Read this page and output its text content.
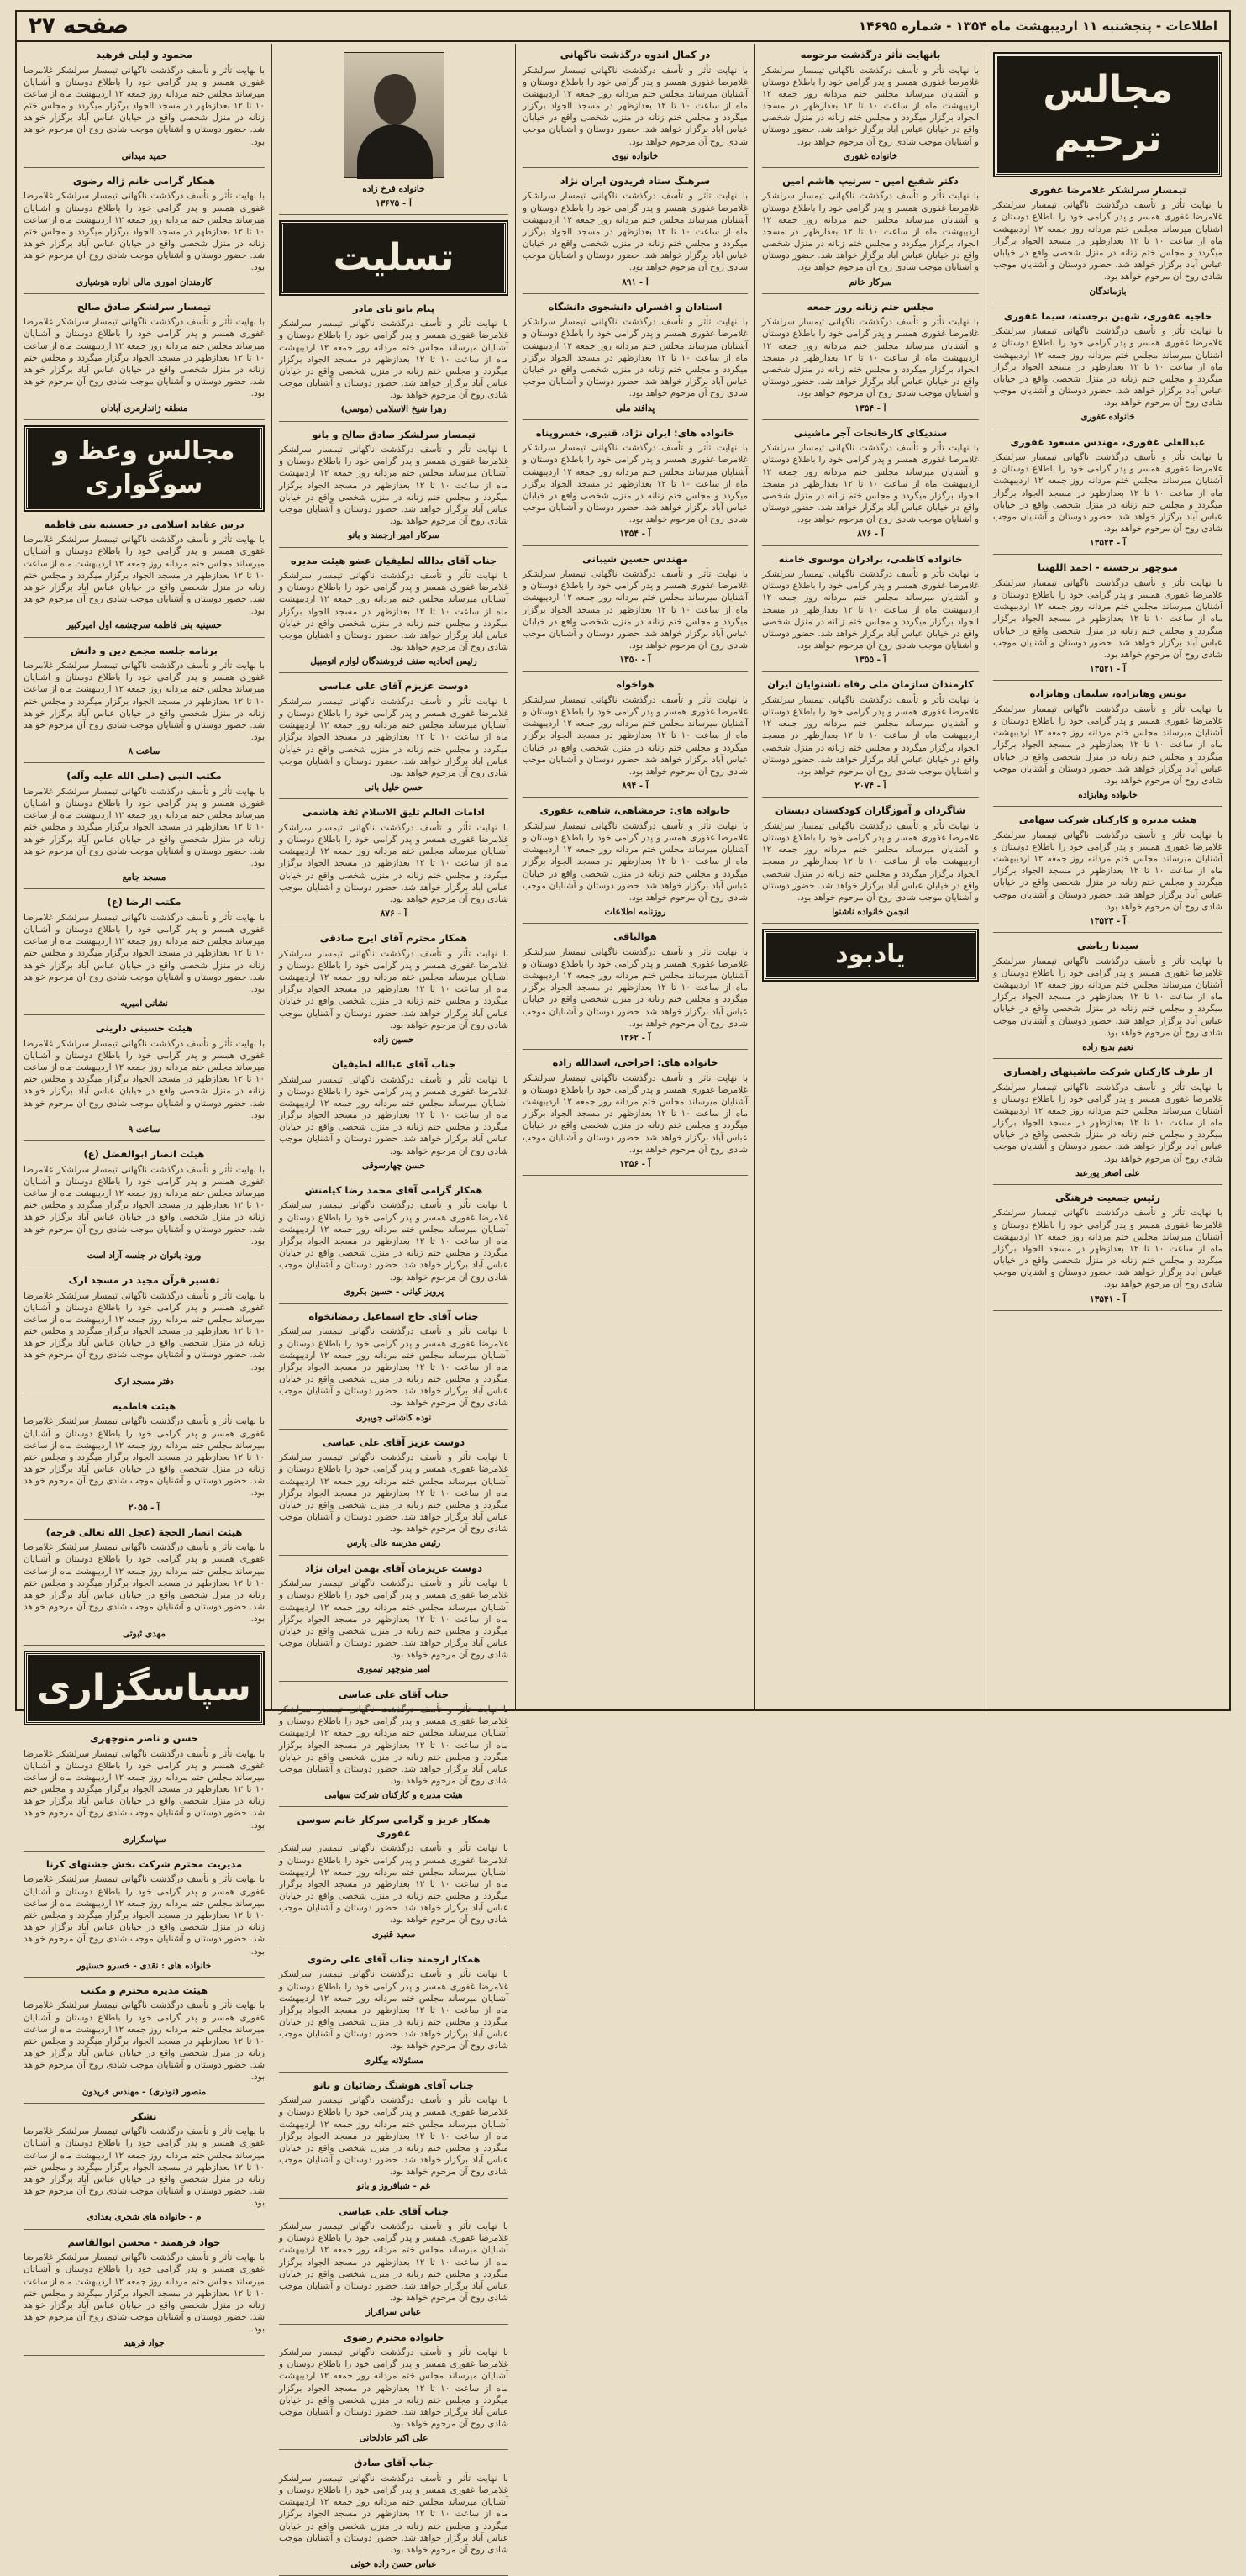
اطلاعات - پنجشنبه ۱۱ اردیبهشت ماه ۱۳۵۴ - شماره ۱۴۶۹۵
صفحه ۲۷
مجالس ترحیم
تیمسار سرلشکر غلامرضا غفوری
با نهایت تأثر و تأسف درگذشت ناگهانی تیمسار سرلشکر غلامرضا غفوری همسر و پدر گرامی خود را باطلاع دوستان و آشنایان میرساند مجلس ختم مردانه روز جمعه ۱۲ اردیبهشت ماه از ساعت ۱۰ تا ۱۲ بعدازظهر در مسجد الجواد برگزار میگردد و مجلس ختم زنانه در منزل شخصی واقع در خیابان عباس آباد برگزار خواهد شد. حضور دوستان و آشنایان موجب شادی روح آن مرحوم خواهد بود.
بازماندگان
حاجیه غفوری، شهین برجسته، سیما غفوری
با نهایت تأثر و تأسف درگذشت ناگهانی تیمسار سرلشکر غلامرضا غفوری همسر و پدر گرامی خود را باطلاع دوستان و آشنایان میرساند مجلس ختم مردانه روز جمعه ۱۲ اردیبهشت ماه از ساعت ۱۰ تا ۱۲ بعدازظهر در مسجد الجواد برگزار میگردد و مجلس ختم زنانه در منزل شخصی واقع در خیابان عباس آباد برگزار خواهد شد. حضور دوستان و آشنایان موجب شادی روح آن مرحوم خواهد بود.
خانواده غفوری
عبدالعلی غفوری، مهندس مسعود غفوری
با نهایت تأثر و تأسف درگذشت ناگهانی تیمسار سرلشکر غلامرضا غفوری همسر و پدر گرامی خود را باطلاع دوستان و آشنایان میرساند مجلس ختم مردانه روز جمعه ۱۲ اردیبهشت ماه از ساعت ۱۰ تا ۱۲ بعدازظهر در مسجد الجواد برگزار میگردد و مجلس ختم زنانه در منزل شخصی واقع در خیابان عباس آباد برگزار خواهد شد. حضور دوستان و آشنایان موجب شادی روح آن مرحوم خواهد بود.
آ - ۱۳۵۲۳
منوچهر برجسته - احمد اللهنیا
با نهایت تأثر و تأسف درگذشت ناگهانی تیمسار سرلشکر غلامرضا غفوری همسر و پدر گرامی خود را باطلاع دوستان و آشنایان میرساند مجلس ختم مردانه روز جمعه ۱۲ اردیبهشت ماه از ساعت ۱۰ تا ۱۲ بعدازظهر در مسجد الجواد برگزار میگردد و مجلس ختم زنانه در منزل شخصی واقع در خیابان عباس آباد برگزار خواهد شد. حضور دوستان و آشنایان موجب شادی روح آن مرحوم خواهد بود.
آ - ۱۳۵۲۱
یونس وهابزاده، سلیمان وهابزاده
با نهایت تأثر و تأسف درگذشت ناگهانی تیمسار سرلشکر غلامرضا غفوری همسر و پدر گرامی خود را باطلاع دوستان و آشنایان میرساند مجلس ختم مردانه روز جمعه ۱۲ اردیبهشت ماه از ساعت ۱۰ تا ۱۲ بعدازظهر در مسجد الجواد برگزار میگردد و مجلس ختم زنانه در منزل شخصی واقع در خیابان عباس آباد برگزار خواهد شد. حضور دوستان و آشنایان موجب شادی روح آن مرحوم خواهد بود.
خانواده وهابزاده
هیئت مدیره و کارکنان شرکت سهامی
با نهایت تأثر و تأسف درگذشت ناگهانی تیمسار سرلشکر غلامرضا غفوری همسر و پدر گرامی خود را باطلاع دوستان و آشنایان میرساند مجلس ختم مردانه روز جمعه ۱۲ اردیبهشت ماه از ساعت ۱۰ تا ۱۲ بعدازظهر در مسجد الجواد برگزار میگردد و مجلس ختم زنانه در منزل شخصی واقع در خیابان عباس آباد برگزار خواهد شد. حضور دوستان و آشنایان موجب شادی روح آن مرحوم خواهد بود.
آ - ۱۳۵۲۳
سیدنا ریاضی
با نهایت تأثر و تأسف درگذشت ناگهانی تیمسار سرلشکر غلامرضا غفوری همسر و پدر گرامی خود را باطلاع دوستان و آشنایان میرساند مجلس ختم مردانه روز جمعه ۱۲ اردیبهشت ماه از ساعت ۱۰ تا ۱۲ بعدازظهر در مسجد الجواد برگزار میگردد و مجلس ختم زنانه در منزل شخصی واقع در خیابان عباس آباد برگزار خواهد شد. حضور دوستان و آشنایان موجب شادی روح آن مرحوم خواهد بود.
نعیم بدیع زاده
از طرف کارکنان شرکت ماشینهای راهسازی
با نهایت تأثر و تأسف درگذشت ناگهانی تیمسار سرلشکر غلامرضا غفوری همسر و پدر گرامی خود را باطلاع دوستان و آشنایان میرساند مجلس ختم مردانه روز جمعه ۱۲ اردیبهشت ماه از ساعت ۱۰ تا ۱۲ بعدازظهر در مسجد الجواد برگزار میگردد و مجلس ختم زنانه در منزل شخصی واقع در خیابان عباس آباد برگزار خواهد شد. حضور دوستان و آشنایان موجب شادی روح آن مرحوم خواهد بود.
علی اصغر پورعبد
رئیس جمعیت فرهنگی
با نهایت تأثر و تأسف درگذشت ناگهانی تیمسار سرلشکر غلامرضا غفوری همسر و پدر گرامی خود را باطلاع دوستان و آشنایان میرساند مجلس ختم مردانه روز جمعه ۱۲ اردیبهشت ماه از ساعت ۱۰ تا ۱۲ بعدازظهر در مسجد الجواد برگزار میگردد و مجلس ختم زنانه در منزل شخصی واقع در خیابان عباس آباد برگزار خواهد شد. حضور دوستان و آشنایان موجب شادی روح آن مرحوم خواهد بود.
آ - ۱۳۵۴۱
بانهایت تأثر درگذشت مرحومه
با نهایت تأثر و تأسف درگذشت ناگهانی تیمسار سرلشکر غلامرضا غفوری همسر و پدر گرامی خود را باطلاع دوستان و آشنایان میرساند مجلس ختم مردانه روز جمعه ۱۲ اردیبهشت ماه از ساعت ۱۰ تا ۱۲ بعدازظهر در مسجد الجواد برگزار میگردد و مجلس ختم زنانه در منزل شخصی واقع در خیابان عباس آباد برگزار خواهد شد. حضور دوستان و آشنایان موجب شادی روح آن مرحوم خواهد بود.
خانواده غفوری
دکتر شفیع امین - سرتیپ هاشم امین
با نهایت تأثر و تأسف درگذشت ناگهانی تیمسار سرلشکر غلامرضا غفوری همسر و پدر گرامی خود را باطلاع دوستان و آشنایان میرساند مجلس ختم مردانه روز جمعه ۱۲ اردیبهشت ماه از ساعت ۱۰ تا ۱۲ بعدازظهر در مسجد الجواد برگزار میگردد و مجلس ختم زنانه در منزل شخصی واقع در خیابان عباس آباد برگزار خواهد شد. حضور دوستان و آشنایان موجب شادی روح آن مرحوم خواهد بود.
سرکار خانم
مجلس ختم زنانه روز جمعه
با نهایت تأثر و تأسف درگذشت ناگهانی تیمسار سرلشکر غلامرضا غفوری همسر و پدر گرامی خود را باطلاع دوستان و آشنایان میرساند مجلس ختم مردانه روز جمعه ۱۲ اردیبهشت ماه از ساعت ۱۰ تا ۱۲ بعدازظهر در مسجد الجواد برگزار میگردد و مجلس ختم زنانه در منزل شخصی واقع در خیابان عباس آباد برگزار خواهد شد. حضور دوستان و آشنایان موجب شادی روح آن مرحوم خواهد بود.
آ - ۱۳۵۴
سندیکای کارخانجات آجر ماشینی
با نهایت تأثر و تأسف درگذشت ناگهانی تیمسار سرلشکر غلامرضا غفوری همسر و پدر گرامی خود را باطلاع دوستان و آشنایان میرساند مجلس ختم مردانه روز جمعه ۱۲ اردیبهشت ماه از ساعت ۱۰ تا ۱۲ بعدازظهر در مسجد الجواد برگزار میگردد و مجلس ختم زنانه در منزل شخصی واقع در خیابان عباس آباد برگزار خواهد شد. حضور دوستان و آشنایان موجب شادی روح آن مرحوم خواهد بود.
آ - ۸۷۶
خانواده کاظمی، برادران موسوی خامنه
با نهایت تأثر و تأسف درگذشت ناگهانی تیمسار سرلشکر غلامرضا غفوری همسر و پدر گرامی خود را باطلاع دوستان و آشنایان میرساند مجلس ختم مردانه روز جمعه ۱۲ اردیبهشت ماه از ساعت ۱۰ تا ۱۲ بعدازظهر در مسجد الجواد برگزار میگردد و مجلس ختم زنانه در منزل شخصی واقع در خیابان عباس آباد برگزار خواهد شد. حضور دوستان و آشنایان موجب شادی روح آن مرحوم خواهد بود.
آ - ۱۳۵۵
کارمندان سازمان ملی رفاه ناشنوایان ایران
با نهایت تأثر و تأسف درگذشت ناگهانی تیمسار سرلشکر غلامرضا غفوری همسر و پدر گرامی خود را باطلاع دوستان و آشنایان میرساند مجلس ختم مردانه روز جمعه ۱۲ اردیبهشت ماه از ساعت ۱۰ تا ۱۲ بعدازظهر در مسجد الجواد برگزار میگردد و مجلس ختم زنانه در منزل شخصی واقع در خیابان عباس آباد برگزار خواهد شد. حضور دوستان و آشنایان موجب شادی روح آن مرحوم خواهد بود.
آ - ۲۰۷۴
شاگردان و آموزگاران کودکستان دبستان
با نهایت تأثر و تأسف درگذشت ناگهانی تیمسار سرلشکر غلامرضا غفوری همسر و پدر گرامی خود را باطلاع دوستان و آشنایان میرساند مجلس ختم مردانه روز جمعه ۱۲ اردیبهشت ماه از ساعت ۱۰ تا ۱۲ بعدازظهر در مسجد الجواد برگزار میگردد و مجلس ختم زنانه در منزل شخصی واقع در خیابان عباس آباد برگزار خواهد شد. حضور دوستان و آشنایان موجب شادی روح آن مرحوم خواهد بود.
انجمن خانواده ناشنوا
یادبود
در کمال اندوه درگذشت ناگهانی
با نهایت تأثر و تأسف درگذشت ناگهانی تیمسار سرلشکر غلامرضا غفوری همسر و پدر گرامی خود را باطلاع دوستان و آشنایان میرساند مجلس ختم مردانه روز جمعه ۱۲ اردیبهشت ماه از ساعت ۱۰ تا ۱۲ بعدازظهر در مسجد الجواد برگزار میگردد و مجلس ختم زنانه در منزل شخصی واقع در خیابان عباس آباد برگزار خواهد شد. حضور دوستان و آشنایان موجب شادی روح آن مرحوم خواهد بود.
خانواده نبوی
سرهنگ ستاد فریدون ایران نژاد
با نهایت تأثر و تأسف درگذشت ناگهانی تیمسار سرلشکر غلامرضا غفوری همسر و پدر گرامی خود را باطلاع دوستان و آشنایان میرساند مجلس ختم مردانه روز جمعه ۱۲ اردیبهشت ماه از ساعت ۱۰ تا ۱۲ بعدازظهر در مسجد الجواد برگزار میگردد و مجلس ختم زنانه در منزل شخصی واقع در خیابان عباس آباد برگزار خواهد شد. حضور دوستان و آشنایان موجب شادی روح آن مرحوم خواهد بود.
آ - ۸۹۱
استادان و افسران دانشجوی دانشگاه
با نهایت تأثر و تأسف درگذشت ناگهانی تیمسار سرلشکر غلامرضا غفوری همسر و پدر گرامی خود را باطلاع دوستان و آشنایان میرساند مجلس ختم مردانه روز جمعه ۱۲ اردیبهشت ماه از ساعت ۱۰ تا ۱۲ بعدازظهر در مسجد الجواد برگزار میگردد و مجلس ختم زنانه در منزل شخصی واقع در خیابان عباس آباد برگزار خواهد شد. حضور دوستان و آشنایان موجب شادی روح آن مرحوم خواهد بود.
پدافند ملی
خانواده های: ایران نژاد، قنبری، خسروپناه
با نهایت تأثر و تأسف درگذشت ناگهانی تیمسار سرلشکر غلامرضا غفوری همسر و پدر گرامی خود را باطلاع دوستان و آشنایان میرساند مجلس ختم مردانه روز جمعه ۱۲ اردیبهشت ماه از ساعت ۱۰ تا ۱۲ بعدازظهر در مسجد الجواد برگزار میگردد و مجلس ختم زنانه در منزل شخصی واقع در خیابان عباس آباد برگزار خواهد شد. حضور دوستان و آشنایان موجب شادی روح آن مرحوم خواهد بود.
آ - ۱۳۵۴
مهندس حسین شیبانی
با نهایت تأثر و تأسف درگذشت ناگهانی تیمسار سرلشکر غلامرضا غفوری همسر و پدر گرامی خود را باطلاع دوستان و آشنایان میرساند مجلس ختم مردانه روز جمعه ۱۲ اردیبهشت ماه از ساعت ۱۰ تا ۱۲ بعدازظهر در مسجد الجواد برگزار میگردد و مجلس ختم زنانه در منزل شخصی واقع در خیابان عباس آباد برگزار خواهد شد. حضور دوستان و آشنایان موجب شادی روح آن مرحوم خواهد بود.
آ - ۱۳۵۰
هواخواه
با نهایت تأثر و تأسف درگذشت ناگهانی تیمسار سرلشکر غلامرضا غفوری همسر و پدر گرامی خود را باطلاع دوستان و آشنایان میرساند مجلس ختم مردانه روز جمعه ۱۲ اردیبهشت ماه از ساعت ۱۰ تا ۱۲ بعدازظهر در مسجد الجواد برگزار میگردد و مجلس ختم زنانه در منزل شخصی واقع در خیابان عباس آباد برگزار خواهد شد. حضور دوستان و آشنایان موجب شادی روح آن مرحوم خواهد بود.
آ - ۸۹۴
خانواده های: خرمشاهی، شاهی، غفوری
با نهایت تأثر و تأسف درگذشت ناگهانی تیمسار سرلشکر غلامرضا غفوری همسر و پدر گرامی خود را باطلاع دوستان و آشنایان میرساند مجلس ختم مردانه روز جمعه ۱۲ اردیبهشت ماه از ساعت ۱۰ تا ۱۲ بعدازظهر در مسجد الجواد برگزار میگردد و مجلس ختم زنانه در منزل شخصی واقع در خیابان عباس آباد برگزار خواهد شد. حضور دوستان و آشنایان موجب شادی روح آن مرحوم خواهد بود.
روزنامه اطلاعات
هوالباقی
با نهایت تأثر و تأسف درگذشت ناگهانی تیمسار سرلشکر غلامرضا غفوری همسر و پدر گرامی خود را باطلاع دوستان و آشنایان میرساند مجلس ختم مردانه روز جمعه ۱۲ اردیبهشت ماه از ساعت ۱۰ تا ۱۲ بعدازظهر در مسجد الجواد برگزار میگردد و مجلس ختم زنانه در منزل شخصی واقع در خیابان عباس آباد برگزار خواهد شد. حضور دوستان و آشنایان موجب شادی روح آن مرحوم خواهد بود.
آ - ۱۳۶۲
خانواده های: اخراجی، اسدالله زاده
با نهایت تأثر و تأسف درگذشت ناگهانی تیمسار سرلشکر غلامرضا غفوری همسر و پدر گرامی خود را باطلاع دوستان و آشنایان میرساند مجلس ختم مردانه روز جمعه ۱۲ اردیبهشت ماه از ساعت ۱۰ تا ۱۲ بعدازظهر در مسجد الجواد برگزار میگردد و مجلس ختم زنانه در منزل شخصی واقع در خیابان عباس آباد برگزار خواهد شد. حضور دوستان و آشنایان موجب شادی روح آن مرحوم خواهد بود.
آ - ۱۳۵۶
خانواده فرخ زاده
آ - ۱۳۶۷۵
تسلیت
پیام بانو تای مادر
با نهایت تأثر و تأسف درگذشت ناگهانی تیمسار سرلشکر غلامرضا غفوری همسر و پدر گرامی خود را باطلاع دوستان و آشنایان میرساند مجلس ختم مردانه روز جمعه ۱۲ اردیبهشت ماه از ساعت ۱۰ تا ۱۲ بعدازظهر در مسجد الجواد برگزار میگردد و مجلس ختم زنانه در منزل شخصی واقع در خیابان عباس آباد برگزار خواهد شد. حضور دوستان و آشنایان موجب شادی روح آن مرحوم خواهد بود.
زهرا شیخ الاسلامی (موسی)
تیمسار سرلشکر صادق صالح و بانو
با نهایت تأثر و تأسف درگذشت ناگهانی تیمسار سرلشکر غلامرضا غفوری همسر و پدر گرامی خود را باطلاع دوستان و آشنایان میرساند مجلس ختم مردانه روز جمعه ۱۲ اردیبهشت ماه از ساعت ۱۰ تا ۱۲ بعدازظهر در مسجد الجواد برگزار میگردد و مجلس ختم زنانه در منزل شخصی واقع در خیابان عباس آباد برگزار خواهد شد. حضور دوستان و آشنایان موجب شادی روح آن مرحوم خواهد بود.
سرکار امیر ارجمند و بانو
جناب آقای بدالله لطیفیان عضو هیئت مدیره
با نهایت تأثر و تأسف درگذشت ناگهانی تیمسار سرلشکر غلامرضا غفوری همسر و پدر گرامی خود را باطلاع دوستان و آشنایان میرساند مجلس ختم مردانه روز جمعه ۱۲ اردیبهشت ماه از ساعت ۱۰ تا ۱۲ بعدازظهر در مسجد الجواد برگزار میگردد و مجلس ختم زنانه در منزل شخصی واقع در خیابان عباس آباد برگزار خواهد شد. حضور دوستان و آشنایان موجب شادی روح آن مرحوم خواهد بود.
رئیس اتحادیه صنف فروشندگان لوازم اتومبیل
دوست عزیزم آقای علی عباسی
با نهایت تأثر و تأسف درگذشت ناگهانی تیمسار سرلشکر غلامرضا غفوری همسر و پدر گرامی خود را باطلاع دوستان و آشنایان میرساند مجلس ختم مردانه روز جمعه ۱۲ اردیبهشت ماه از ساعت ۱۰ تا ۱۲ بعدازظهر در مسجد الجواد برگزار میگردد و مجلس ختم زنانه در منزل شخصی واقع در خیابان عباس آباد برگزار خواهد شد. حضور دوستان و آشنایان موجب شادی روح آن مرحوم خواهد بود.
حسن خلیل بانی
ادامات العالم تلیق الاسلام ثقة هاشمی
با نهایت تأثر و تأسف درگذشت ناگهانی تیمسار سرلشکر غلامرضا غفوری همسر و پدر گرامی خود را باطلاع دوستان و آشنایان میرساند مجلس ختم مردانه روز جمعه ۱۲ اردیبهشت ماه از ساعت ۱۰ تا ۱۲ بعدازظهر در مسجد الجواد برگزار میگردد و مجلس ختم زنانه در منزل شخصی واقع در خیابان عباس آباد برگزار خواهد شد. حضور دوستان و آشنایان موجب شادی روح آن مرحوم خواهد بود.
آ - ۸۷۶
همکار محترم آقای ایرج صادقی
با نهایت تأثر و تأسف درگذشت ناگهانی تیمسار سرلشکر غلامرضا غفوری همسر و پدر گرامی خود را باطلاع دوستان و آشنایان میرساند مجلس ختم مردانه روز جمعه ۱۲ اردیبهشت ماه از ساعت ۱۰ تا ۱۲ بعدازظهر در مسجد الجواد برگزار میگردد و مجلس ختم زنانه در منزل شخصی واقع در خیابان عباس آباد برگزار خواهد شد. حضور دوستان و آشنایان موجب شادی روح آن مرحوم خواهد بود.
حسین زاده
جناب آقای عبالله لطیفیان
با نهایت تأثر و تأسف درگذشت ناگهانی تیمسار سرلشکر غلامرضا غفوری همسر و پدر گرامی خود را باطلاع دوستان و آشنایان میرساند مجلس ختم مردانه روز جمعه ۱۲ اردیبهشت ماه از ساعت ۱۰ تا ۱۲ بعدازظهر در مسجد الجواد برگزار میگردد و مجلس ختم زنانه در منزل شخصی واقع در خیابان عباس آباد برگزار خواهد شد. حضور دوستان و آشنایان موجب شادی روح آن مرحوم خواهد بود.
حسن چهارسوقی
همکار گرامی آقای محمد رضا کیامنش
با نهایت تأثر و تأسف درگذشت ناگهانی تیمسار سرلشکر غلامرضا غفوری همسر و پدر گرامی خود را باطلاع دوستان و آشنایان میرساند مجلس ختم مردانه روز جمعه ۱۲ اردیبهشت ماه از ساعت ۱۰ تا ۱۲ بعدازظهر در مسجد الجواد برگزار میگردد و مجلس ختم زنانه در منزل شخصی واقع در خیابان عباس آباد برگزار خواهد شد. حضور دوستان و آشنایان موجب شادی روح آن مرحوم خواهد بود.
پرویز کیانی - حسین بکروی
جناب آقای حاج اسماعیل رمضانخواه
با نهایت تأثر و تأسف درگذشت ناگهانی تیمسار سرلشکر غلامرضا غفوری همسر و پدر گرامی خود را باطلاع دوستان و آشنایان میرساند مجلس ختم مردانه روز جمعه ۱۲ اردیبهشت ماه از ساعت ۱۰ تا ۱۲ بعدازظهر در مسجد الجواد برگزار میگردد و مجلس ختم زنانه در منزل شخصی واقع در خیابان عباس آباد برگزار خواهد شد. حضور دوستان و آشنایان موجب شادی روح آن مرحوم خواهد بود.
نوده کاشانی جویبری
دوست عزیز آقای علی عباسی
با نهایت تأثر و تأسف درگذشت ناگهانی تیمسار سرلشکر غلامرضا غفوری همسر و پدر گرامی خود را باطلاع دوستان و آشنایان میرساند مجلس ختم مردانه روز جمعه ۱۲ اردیبهشت ماه از ساعت ۱۰ تا ۱۲ بعدازظهر در مسجد الجواد برگزار میگردد و مجلس ختم زنانه در منزل شخصی واقع در خیابان عباس آباد برگزار خواهد شد. حضور دوستان و آشنایان موجب شادی روح آن مرحوم خواهد بود.
رئیس مدرسه عالی پارس
دوست عزیزمان آقای بهمن ایران نژاد
با نهایت تأثر و تأسف درگذشت ناگهانی تیمسار سرلشکر غلامرضا غفوری همسر و پدر گرامی خود را باطلاع دوستان و آشنایان میرساند مجلس ختم مردانه روز جمعه ۱۲ اردیبهشت ماه از ساعت ۱۰ تا ۱۲ بعدازظهر در مسجد الجواد برگزار میگردد و مجلس ختم زنانه در منزل شخصی واقع در خیابان عباس آباد برگزار خواهد شد. حضور دوستان و آشنایان موجب شادی روح آن مرحوم خواهد بود.
امیر منوچهر تیموری
جناب آقای علی عباسی
با نهایت تأثر و تأسف درگذشت ناگهانی تیمسار سرلشکر غلامرضا غفوری همسر و پدر گرامی خود را باطلاع دوستان و آشنایان میرساند مجلس ختم مردانه روز جمعه ۱۲ اردیبهشت ماه از ساعت ۱۰ تا ۱۲ بعدازظهر در مسجد الجواد برگزار میگردد و مجلس ختم زنانه در منزل شخصی واقع در خیابان عباس آباد برگزار خواهد شد. حضور دوستان و آشنایان موجب شادی روح آن مرحوم خواهد بود.
هیئت مدیره و کارکنان شرکت سهامی
همکار عزیز و گرامی سرکار خانم سوسن غفوری
با نهایت تأثر و تأسف درگذشت ناگهانی تیمسار سرلشکر غلامرضا غفوری همسر و پدر گرامی خود را باطلاع دوستان و آشنایان میرساند مجلس ختم مردانه روز جمعه ۱۲ اردیبهشت ماه از ساعت ۱۰ تا ۱۲ بعدازظهر در مسجد الجواد برگزار میگردد و مجلس ختم زنانه در منزل شخصی واقع در خیابان عباس آباد برگزار خواهد شد. حضور دوستان و آشنایان موجب شادی روح آن مرحوم خواهد بود.
سعید قنبری
همکار ارجمند جناب آقای علی رضوی
با نهایت تأثر و تأسف درگذشت ناگهانی تیمسار سرلشکر غلامرضا غفوری همسر و پدر گرامی خود را باطلاع دوستان و آشنایان میرساند مجلس ختم مردانه روز جمعه ۱۲ اردیبهشت ماه از ساعت ۱۰ تا ۱۲ بعدازظهر در مسجد الجواد برگزار میگردد و مجلس ختم زنانه در منزل شخصی واقع در خیابان عباس آباد برگزار خواهد شد. حضور دوستان و آشنایان موجب شادی روح آن مرحوم خواهد بود.
مسئولانه بیگلری
جناب آقای هوشنگ رضائیان و بانو
با نهایت تأثر و تأسف درگذشت ناگهانی تیمسار سرلشکر غلامرضا غفوری همسر و پدر گرامی خود را باطلاع دوستان و آشنایان میرساند مجلس ختم مردانه روز جمعه ۱۲ اردیبهشت ماه از ساعت ۱۰ تا ۱۲ بعدازظهر در مسجد الجواد برگزار میگردد و مجلس ختم زنانه در منزل شخصی واقع در خیابان عباس آباد برگزار خواهد شد. حضور دوستان و آشنایان موجب شادی روح آن مرحوم خواهد بود.
غم - شبافروز و بانو
جناب آقای علی عباسی
با نهایت تأثر و تأسف درگذشت ناگهانی تیمسار سرلشکر غلامرضا غفوری همسر و پدر گرامی خود را باطلاع دوستان و آشنایان میرساند مجلس ختم مردانه روز جمعه ۱۲ اردیبهشت ماه از ساعت ۱۰ تا ۱۲ بعدازظهر در مسجد الجواد برگزار میگردد و مجلس ختم زنانه در منزل شخصی واقع در خیابان عباس آباد برگزار خواهد شد. حضور دوستان و آشنایان موجب شادی روح آن مرحوم خواهد بود.
عباس سرافراز
خانواده محترم رضوی
با نهایت تأثر و تأسف درگذشت ناگهانی تیمسار سرلشکر غلامرضا غفوری همسر و پدر گرامی خود را باطلاع دوستان و آشنایان میرساند مجلس ختم مردانه روز جمعه ۱۲ اردیبهشت ماه از ساعت ۱۰ تا ۱۲ بعدازظهر در مسجد الجواد برگزار میگردد و مجلس ختم زنانه در منزل شخصی واقع در خیابان عباس آباد برگزار خواهد شد. حضور دوستان و آشنایان موجب شادی روح آن مرحوم خواهد بود.
علی اکبر عادلخانی
جناب آقای صادق
با نهایت تأثر و تأسف درگذشت ناگهانی تیمسار سرلشکر غلامرضا غفوری همسر و پدر گرامی خود را باطلاع دوستان و آشنایان میرساند مجلس ختم مردانه روز جمعه ۱۲ اردیبهشت ماه از ساعت ۱۰ تا ۱۲ بعدازظهر در مسجد الجواد برگزار میگردد و مجلس ختم زنانه در منزل شخصی واقع در خیابان عباس آباد برگزار خواهد شد. حضور دوستان و آشنایان موجب شادی روح آن مرحوم خواهد بود.
عباس حسن زاده خوئی
محمود و لیلی فرهید
با نهایت تأثر و تأسف درگذشت ناگهانی تیمسار سرلشکر غلامرضا غفوری همسر و پدر گرامی خود را باطلاع دوستان و آشنایان میرساند مجلس ختم مردانه روز جمعه ۱۲ اردیبهشت ماه از ساعت ۱۰ تا ۱۲ بعدازظهر در مسجد الجواد برگزار میگردد و مجلس ختم زنانه در منزل شخصی واقع در خیابان عباس آباد برگزار خواهد شد. حضور دوستان و آشنایان موجب شادی روح آن مرحوم خواهد بود.
حمید میدانی
همکار گرامی خانم ژاله رضوی
با نهایت تأثر و تأسف درگذشت ناگهانی تیمسار سرلشکر غلامرضا غفوری همسر و پدر گرامی خود را باطلاع دوستان و آشنایان میرساند مجلس ختم مردانه روز جمعه ۱۲ اردیبهشت ماه از ساعت ۱۰ تا ۱۲ بعدازظهر در مسجد الجواد برگزار میگردد و مجلس ختم زنانه در منزل شخصی واقع در خیابان عباس آباد برگزار خواهد شد. حضور دوستان و آشنایان موجب شادی روح آن مرحوم خواهد بود.
کارمندان اموری مالی اداره هوشیاری
تیمسار سرلشکر صادق صالح
با نهایت تأثر و تأسف درگذشت ناگهانی تیمسار سرلشکر غلامرضا غفوری همسر و پدر گرامی خود را باطلاع دوستان و آشنایان میرساند مجلس ختم مردانه روز جمعه ۱۲ اردیبهشت ماه از ساعت ۱۰ تا ۱۲ بعدازظهر در مسجد الجواد برگزار میگردد و مجلس ختم زنانه در منزل شخصی واقع در خیابان عباس آباد برگزار خواهد شد. حضور دوستان و آشنایان موجب شادی روح آن مرحوم خواهد بود.
منطقه ژاندارمری آبادان
مجالس وعظ و سوگواری
درس عقاید اسلامی در حسینیه بنی فاطمه
با نهایت تأثر و تأسف درگذشت ناگهانی تیمسار سرلشکر غلامرضا غفوری همسر و پدر گرامی خود را باطلاع دوستان و آشنایان میرساند مجلس ختم مردانه روز جمعه ۱۲ اردیبهشت ماه از ساعت ۱۰ تا ۱۲ بعدازظهر در مسجد الجواد برگزار میگردد و مجلس ختم زنانه در منزل شخصی واقع در خیابان عباس آباد برگزار خواهد شد. حضور دوستان و آشنایان موجب شادی روح آن مرحوم خواهد بود.
حسینیه بنی فاطمه سرچشمه اول امیرکبیر
برنامه جلسه مجمع دین و دانش
با نهایت تأثر و تأسف درگذشت ناگهانی تیمسار سرلشکر غلامرضا غفوری همسر و پدر گرامی خود را باطلاع دوستان و آشنایان میرساند مجلس ختم مردانه روز جمعه ۱۲ اردیبهشت ماه از ساعت ۱۰ تا ۱۲ بعدازظهر در مسجد الجواد برگزار میگردد و مجلس ختم زنانه در منزل شخصی واقع در خیابان عباس آباد برگزار خواهد شد. حضور دوستان و آشنایان موجب شادی روح آن مرحوم خواهد بود.
ساعت ۸
مکتب النبی (صلی الله علیه وآله)
با نهایت تأثر و تأسف درگذشت ناگهانی تیمسار سرلشکر غلامرضا غفوری همسر و پدر گرامی خود را باطلاع دوستان و آشنایان میرساند مجلس ختم مردانه روز جمعه ۱۲ اردیبهشت ماه از ساعت ۱۰ تا ۱۲ بعدازظهر در مسجد الجواد برگزار میگردد و مجلس ختم زنانه در منزل شخصی واقع در خیابان عباس آباد برگزار خواهد شد. حضور دوستان و آشنایان موجب شادی روح آن مرحوم خواهد بود.
مسجد جامع
مکتب الرضا (ع)
با نهایت تأثر و تأسف درگذشت ناگهانی تیمسار سرلشکر غلامرضا غفوری همسر و پدر گرامی خود را باطلاع دوستان و آشنایان میرساند مجلس ختم مردانه روز جمعه ۱۲ اردیبهشت ماه از ساعت ۱۰ تا ۱۲ بعدازظهر در مسجد الجواد برگزار میگردد و مجلس ختم زنانه در منزل شخصی واقع در خیابان عباس آباد برگزار خواهد شد. حضور دوستان و آشنایان موجب شادی روح آن مرحوم خواهد بود.
نشانی امیریه
هیئت حسینی دارینی
با نهایت تأثر و تأسف درگذشت ناگهانی تیمسار سرلشکر غلامرضا غفوری همسر و پدر گرامی خود را باطلاع دوستان و آشنایان میرساند مجلس ختم مردانه روز جمعه ۱۲ اردیبهشت ماه از ساعت ۱۰ تا ۱۲ بعدازظهر در مسجد الجواد برگزار میگردد و مجلس ختم زنانه در منزل شخصی واقع در خیابان عباس آباد برگزار خواهد شد. حضور دوستان و آشنایان موجب شادی روح آن مرحوم خواهد بود.
ساعت ۹
هیئت انصار ابوالفضل (ع)
با نهایت تأثر و تأسف درگذشت ناگهانی تیمسار سرلشکر غلامرضا غفوری همسر و پدر گرامی خود را باطلاع دوستان و آشنایان میرساند مجلس ختم مردانه روز جمعه ۱۲ اردیبهشت ماه از ساعت ۱۰ تا ۱۲ بعدازظهر در مسجد الجواد برگزار میگردد و مجلس ختم زنانه در منزل شخصی واقع در خیابان عباس آباد برگزار خواهد شد. حضور دوستان و آشنایان موجب شادی روح آن مرحوم خواهد بود.
ورود بانوان در جلسه آزاد است
تفسیر قرآن مجید در مسجد ارک
با نهایت تأثر و تأسف درگذشت ناگهانی تیمسار سرلشکر غلامرضا غفوری همسر و پدر گرامی خود را باطلاع دوستان و آشنایان میرساند مجلس ختم مردانه روز جمعه ۱۲ اردیبهشت ماه از ساعت ۱۰ تا ۱۲ بعدازظهر در مسجد الجواد برگزار میگردد و مجلس ختم زنانه در منزل شخصی واقع در خیابان عباس آباد برگزار خواهد شد. حضور دوستان و آشنایان موجب شادی روح آن مرحوم خواهد بود.
دفتر مسجد ارک
هیئت فاطمیه
با نهایت تأثر و تأسف درگذشت ناگهانی تیمسار سرلشکر غلامرضا غفوری همسر و پدر گرامی خود را باطلاع دوستان و آشنایان میرساند مجلس ختم مردانه روز جمعه ۱۲ اردیبهشت ماه از ساعت ۱۰ تا ۱۲ بعدازظهر در مسجد الجواد برگزار میگردد و مجلس ختم زنانه در منزل شخصی واقع در خیابان عباس آباد برگزار خواهد شد. حضور دوستان و آشنایان موجب شادی روح آن مرحوم خواهد بود.
آ - ۲۰۵۵
هیئت انصار الحجة (عجل الله تعالی فرجه)
با نهایت تأثر و تأسف درگذشت ناگهانی تیمسار سرلشکر غلامرضا غفوری همسر و پدر گرامی خود را باطلاع دوستان و آشنایان میرساند مجلس ختم مردانه روز جمعه ۱۲ اردیبهشت ماه از ساعت ۱۰ تا ۱۲ بعدازظهر در مسجد الجواد برگزار میگردد و مجلس ختم زنانه در منزل شخصی واقع در خیابان عباس آباد برگزار خواهد شد. حضور دوستان و آشنایان موجب شادی روح آن مرحوم خواهد بود.
مهدی ثبوتی
سپاسگزاری
حسن و ناصر منوچهری
با نهایت تأثر و تأسف درگذشت ناگهانی تیمسار سرلشکر غلامرضا غفوری همسر و پدر گرامی خود را باطلاع دوستان و آشنایان میرساند مجلس ختم مردانه روز جمعه ۱۲ اردیبهشت ماه از ساعت ۱۰ تا ۱۲ بعدازظهر در مسجد الجواد برگزار میگردد و مجلس ختم زنانه در منزل شخصی واقع در خیابان عباس آباد برگزار خواهد شد. حضور دوستان و آشنایان موجب شادی روح آن مرحوم خواهد بود.
سپاسگزاری
مدیریت محترم شرکت بخش جشنهای کرنا
با نهایت تأثر و تأسف درگذشت ناگهانی تیمسار سرلشکر غلامرضا غفوری همسر و پدر گرامی خود را باطلاع دوستان و آشنایان میرساند مجلس ختم مردانه روز جمعه ۱۲ اردیبهشت ماه از ساعت ۱۰ تا ۱۲ بعدازظهر در مسجد الجواد برگزار میگردد و مجلس ختم زنانه در منزل شخصی واقع در خیابان عباس آباد برگزار خواهد شد. حضور دوستان و آشنایان موجب شادی روح آن مرحوم خواهد بود.
خانواده های : نقدی - خسرو حسنپور
هیئت مدیره محترم و مکتب
با نهایت تأثر و تأسف درگذشت ناگهانی تیمسار سرلشکر غلامرضا غفوری همسر و پدر گرامی خود را باطلاع دوستان و آشنایان میرساند مجلس ختم مردانه روز جمعه ۱۲ اردیبهشت ماه از ساعت ۱۰ تا ۱۲ بعدازظهر در مسجد الجواد برگزار میگردد و مجلس ختم زنانه در منزل شخصی واقع در خیابان عباس آباد برگزار خواهد شد. حضور دوستان و آشنایان موجب شادی روح آن مرحوم خواهد بود.
منصور (نوذری) - مهندس فریدون
تشکر
با نهایت تأثر و تأسف درگذشت ناگهانی تیمسار سرلشکر غلامرضا غفوری همسر و پدر گرامی خود را باطلاع دوستان و آشنایان میرساند مجلس ختم مردانه روز جمعه ۱۲ اردیبهشت ماه از ساعت ۱۰ تا ۱۲ بعدازظهر در مسجد الجواد برگزار میگردد و مجلس ختم زنانه در منزل شخصی واقع در خیابان عباس آباد برگزار خواهد شد. حضور دوستان و آشنایان موجب شادی روح آن مرحوم خواهد بود.
م - خانواده های شجری بغدادی
جواد فرهمند - محسن ابوالقاسم
با نهایت تأثر و تأسف درگذشت ناگهانی تیمسار سرلشکر غلامرضا غفوری همسر و پدر گرامی خود را باطلاع دوستان و آشنایان میرساند مجلس ختم مردانه روز جمعه ۱۲ اردیبهشت ماه از ساعت ۱۰ تا ۱۲ بعدازظهر در مسجد الجواد برگزار میگردد و مجلس ختم زنانه در منزل شخصی واقع در خیابان عباس آباد برگزار خواهد شد. حضور دوستان و آشنایان موجب شادی روح آن مرحوم خواهد بود.
جواد فرهید
